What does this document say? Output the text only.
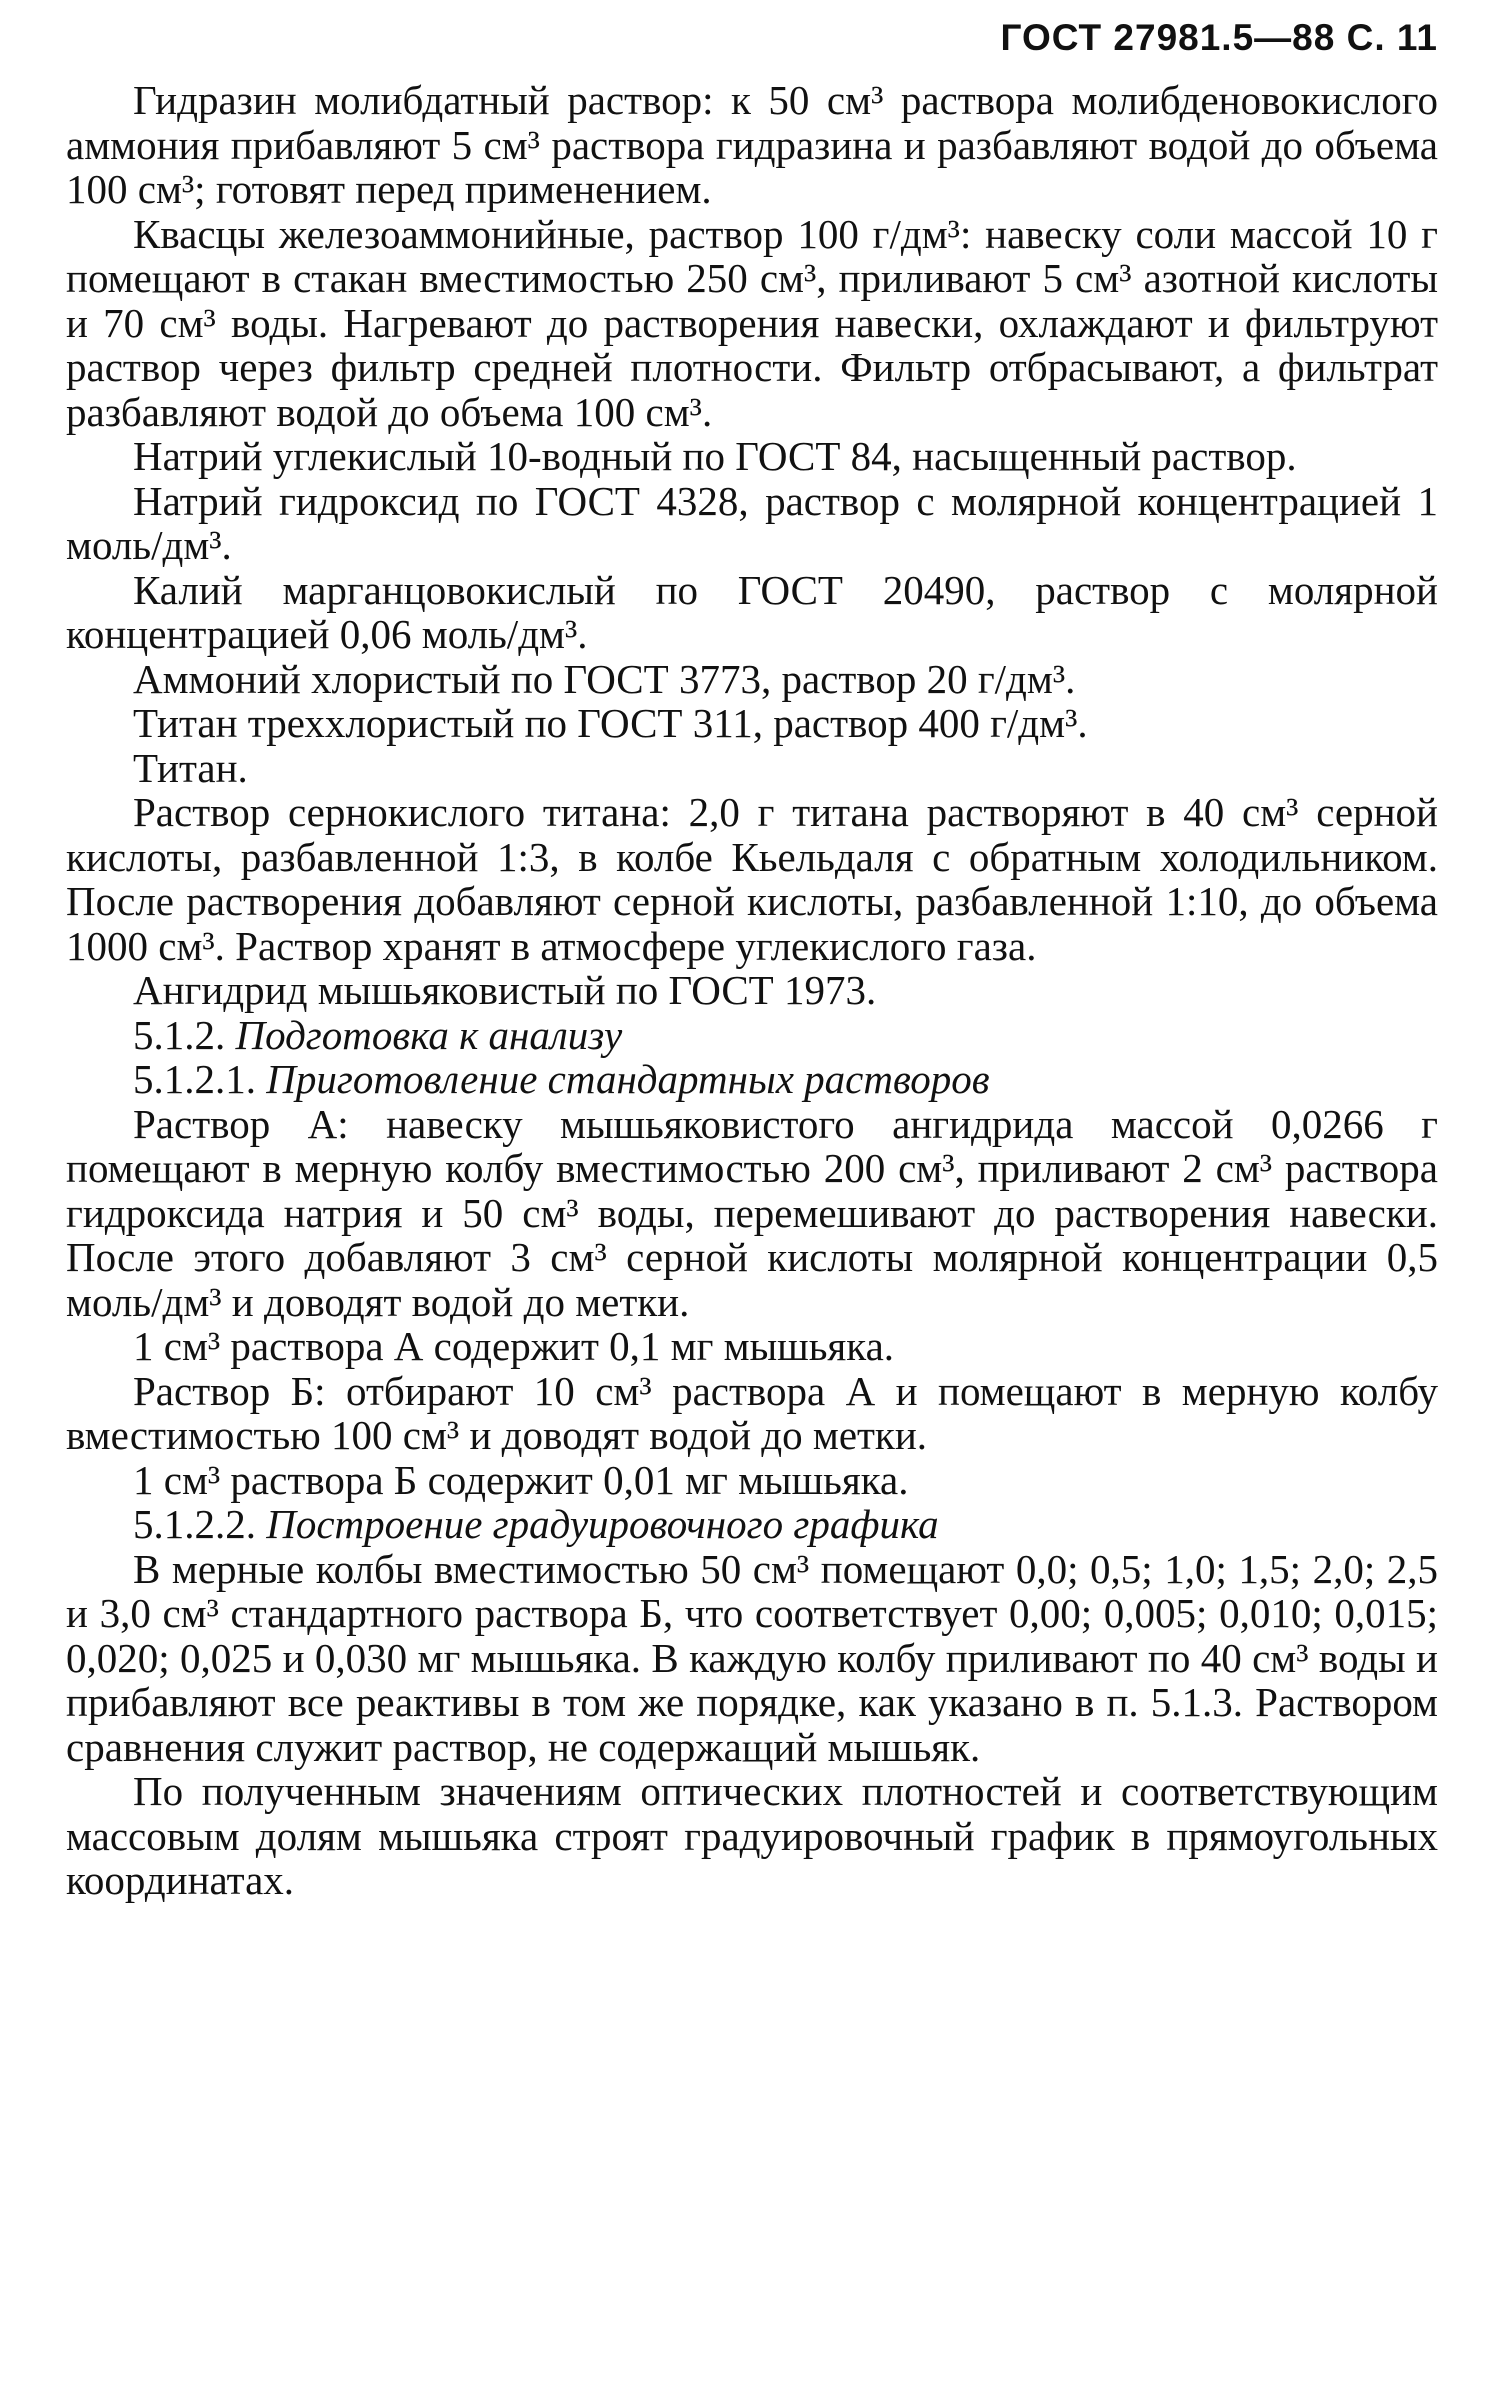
ГОСТ 27981.5—88 С. 11

Гидразин молибдатный раствор: к 50 см³ раствора молибденовокислого аммония прибавляют 5 см³ раствора гидразина и разбавляют водой до объема 100 см³; готовят перед применением.

Квасцы железоаммонийные, раствор 100 г/дм³: навеску соли массой 10 г помещают в стакан вместимостью 250 см³, приливают 5 см³ азотной кислоты и 70 см³ воды. Нагревают до растворения навески, охлаждают и фильтруют раствор через фильтр средней плотности. Фильтр отбрасывают, а фильтрат разбавляют водой до объема 100 см³.

Натрий углекислый 10-водный по ГОСТ 84, насыщенный раствор.

Натрий гидроксид по ГОСТ 4328, раствор с молярной концентрацией 1 моль/дм³.

Калий марганцовокислый по ГОСТ 20490, раствор с молярной концентрацией 0,06 моль/дм³.

Аммоний хлористый по ГОСТ 3773, раствор 20 г/дм³.

Титан треххлористый по ГОСТ 311, раствор 400 г/дм³.

Титан.

Раствор сернокислого титана: 2,0 г титана растворяют в 40 см³ серной кислоты, разбавленной 1:3, в колбе Кьельдаля с обратным холодильником. После растворения добавляют серной кислоты, разбавленной 1:10, до объема 1000 см³. Раствор хранят в атмосфере углекислого газа.

Ангидрид мышьяковистый по ГОСТ 1973.

5.1.2. Подготовка к анализу

5.1.2.1. Приготовление стандартных растворов

Раствор А: навеску мышьяковистого ангидрида массой 0,0266 г помещают в мерную колбу вместимостью 200 см³, приливают 2 см³ раствора гидроксида натрия и 50 см³ воды, перемешивают до растворения навески. После этого добавляют 3 см³ серной кислоты молярной концентрации 0,5 моль/дм³ и доводят водой до метки.

1 см³ раствора А содержит 0,1 мг мышьяка.

Раствор Б: отбирают 10 см³ раствора А и помещают в мерную колбу вместимостью 100 см³ и доводят водой до метки.

1 см³ раствора Б содержит 0,01 мг мышьяка.

5.1.2.2. Построение градуировочного графика

В мерные колбы вместимостью 50 см³ помещают 0,0; 0,5; 1,0; 1,5; 2,0; 2,5 и 3,0 см³ стандартного раствора Б, что соответствует 0,00; 0,005; 0,010; 0,015; 0,020; 0,025 и 0,030 мг мышьяка. В каждую колбу приливают по 40 см³ воды и прибавляют все реактивы в том же порядке, как указано в п. 5.1.3. Раствором сравнения служит раствор, не содержащий мышьяк.

По полученным значениям оптических плотностей и соответствующим массовым долям мышьяка строят градуировочный график в прямоугольных координатах.
